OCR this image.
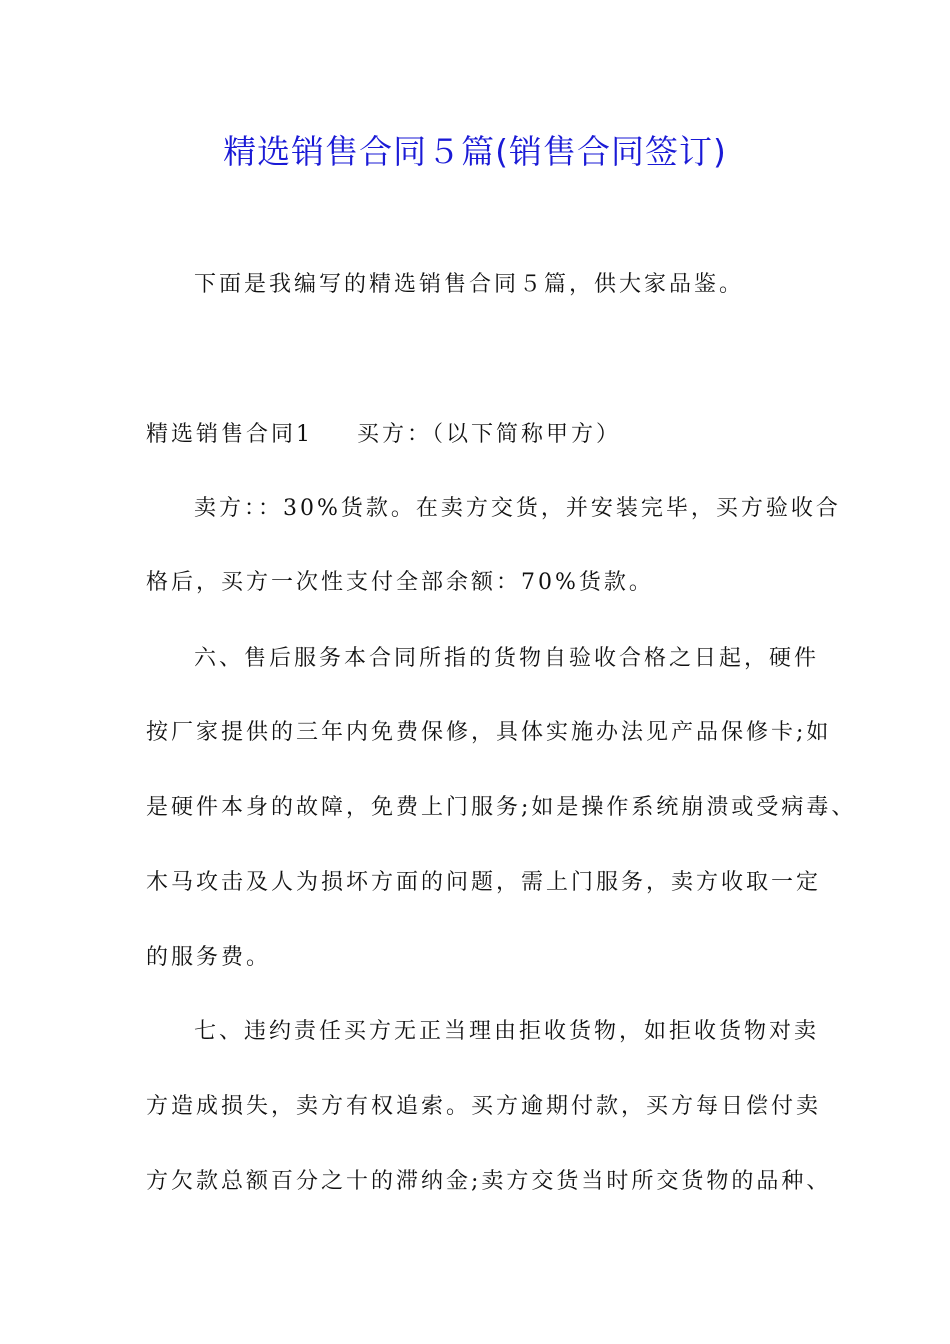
精选销售合同５篇(销售合同签订)
下面是我编写的精选销售合同５篇，供大家品鉴。
精选销售合同1 买方：（以下简称甲方）
卖方：：30%货款。在卖方交货，并安装完毕，买方验收合
格后，买方一次性支付全部余额：70%货款。
六、售后服务本合同所指的货物自验收合格之日起，硬件
按厂家提供的三年内免费保修，具体实施办法见产品保修卡;如
是硬件本身的故障，免费上门服务;如是操作系统崩溃或受病毒、
木马攻击及人为损坏方面的问题，需上门服务，卖方收取一定
的服务费。
七、违约责任买方无正当理由拒收货物，如拒收货物对卖
方造成损失，卖方有权追索。买方逾期付款，买方每日偿付卖
方欠款总额百分之十的滞纳金;卖方交货当时所交货物的品种、
